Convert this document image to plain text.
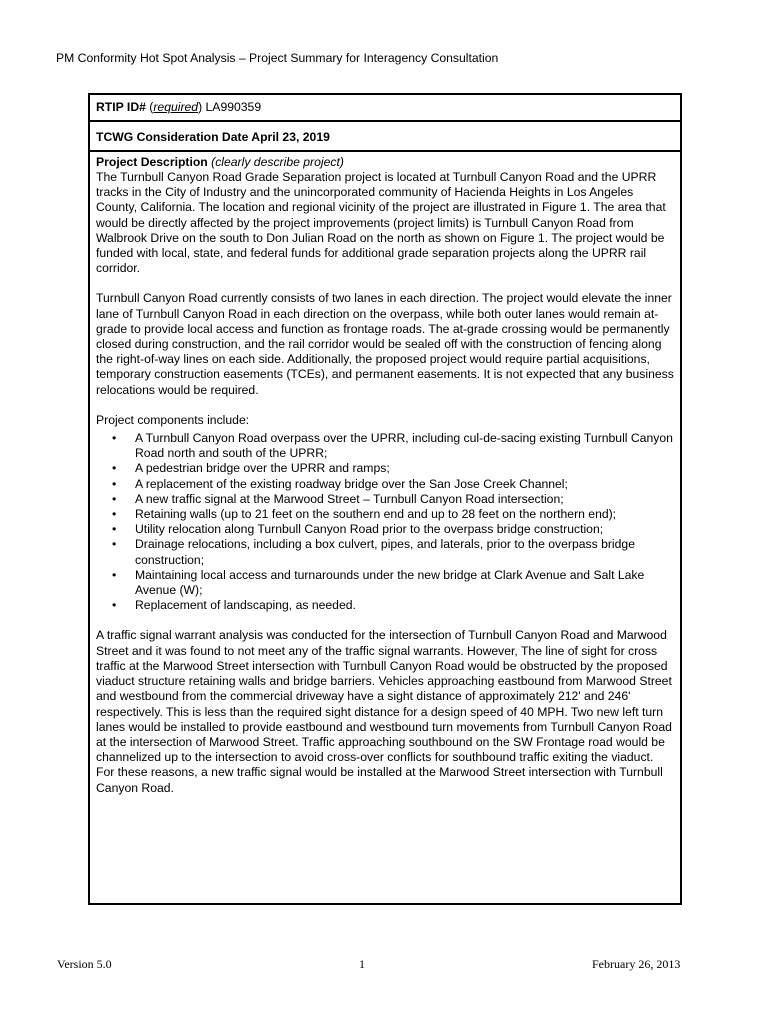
PM Conformity Hot Spot Analysis – Project Summary for Interagency Consultation
RTIP ID# (required) LA990359
TCWG Consideration Date April 23, 2019
Project Description (clearly describe project)

The Turnbull Canyon Road Grade Separation project is located at Turnbull Canyon Road and the UPRR tracks in the City of Industry and the unincorporated community of Hacienda Heights in Los Angeles County, California. The location and regional vicinity of the project are illustrated in Figure 1. The area that would be directly affected by the project improvements (project limits) is Turnbull Canyon Road from Walbrook Drive on the south to Don Julian Road on the north as shown on Figure 1. The project would be funded with local, state, and federal funds for additional grade separation projects along the UPRR rail corridor.

Turnbull Canyon Road currently consists of two lanes in each direction. The project would elevate the inner lane of Turnbull Canyon Road in each direction on the overpass, while both outer lanes would remain at-grade to provide local access and function as frontage roads. The at-grade crossing would be permanently closed during construction, and the rail corridor would be sealed off with the construction of fencing along the right-of-way lines on each side. Additionally, the proposed project would require partial acquisitions, temporary construction easements (TCEs), and permanent easements. It is not expected that any business relocations would be required.

Project components include:

• A Turnbull Canyon Road overpass over the UPRR, including cul-de-sacing existing Turnbull Canyon Road north and south of the UPRR;
• A pedestrian bridge over the UPRR and ramps;
• A replacement of the existing roadway bridge over the San Jose Creek Channel;
• A new traffic signal at the Marwood Street – Turnbull Canyon Road intersection;
• Retaining walls (up to 21 feet on the southern end and up to 28 feet on the northern end);
• Utility relocation along Turnbull Canyon Road prior to the overpass bridge construction;
• Drainage relocations, including a box culvert, pipes, and laterals, prior to the overpass bridge construction;
• Maintaining local access and turnarounds under the new bridge at Clark Avenue and Salt Lake Avenue (W);
• Replacement of landscaping, as needed.

A traffic signal warrant analysis was conducted for the intersection of Turnbull Canyon Road and Marwood Street and it was found to not meet any of the traffic signal warrants. However, The line of sight for cross traffic at the Marwood Street intersection with Turnbull Canyon Road would be obstructed by the proposed viaduct structure retaining walls and bridge barriers. Vehicles approaching eastbound from Marwood Street and westbound from the commercial driveway have a sight distance of approximately 212' and 246' respectively. This is less than the required sight distance for a design speed of 40 MPH. Two new left turn lanes would be installed to provide eastbound and westbound turn movements from Turnbull Canyon Road at the intersection of Marwood Street. Traffic approaching southbound on the SW Frontage road would be channelized up to the intersection to avoid cross-over conflicts for southbound traffic exiting the viaduct. For these reasons, a new traffic signal would be installed at the Marwood Street intersection with Turnbull Canyon Road.

Version 5.0	1	February 26, 2013
